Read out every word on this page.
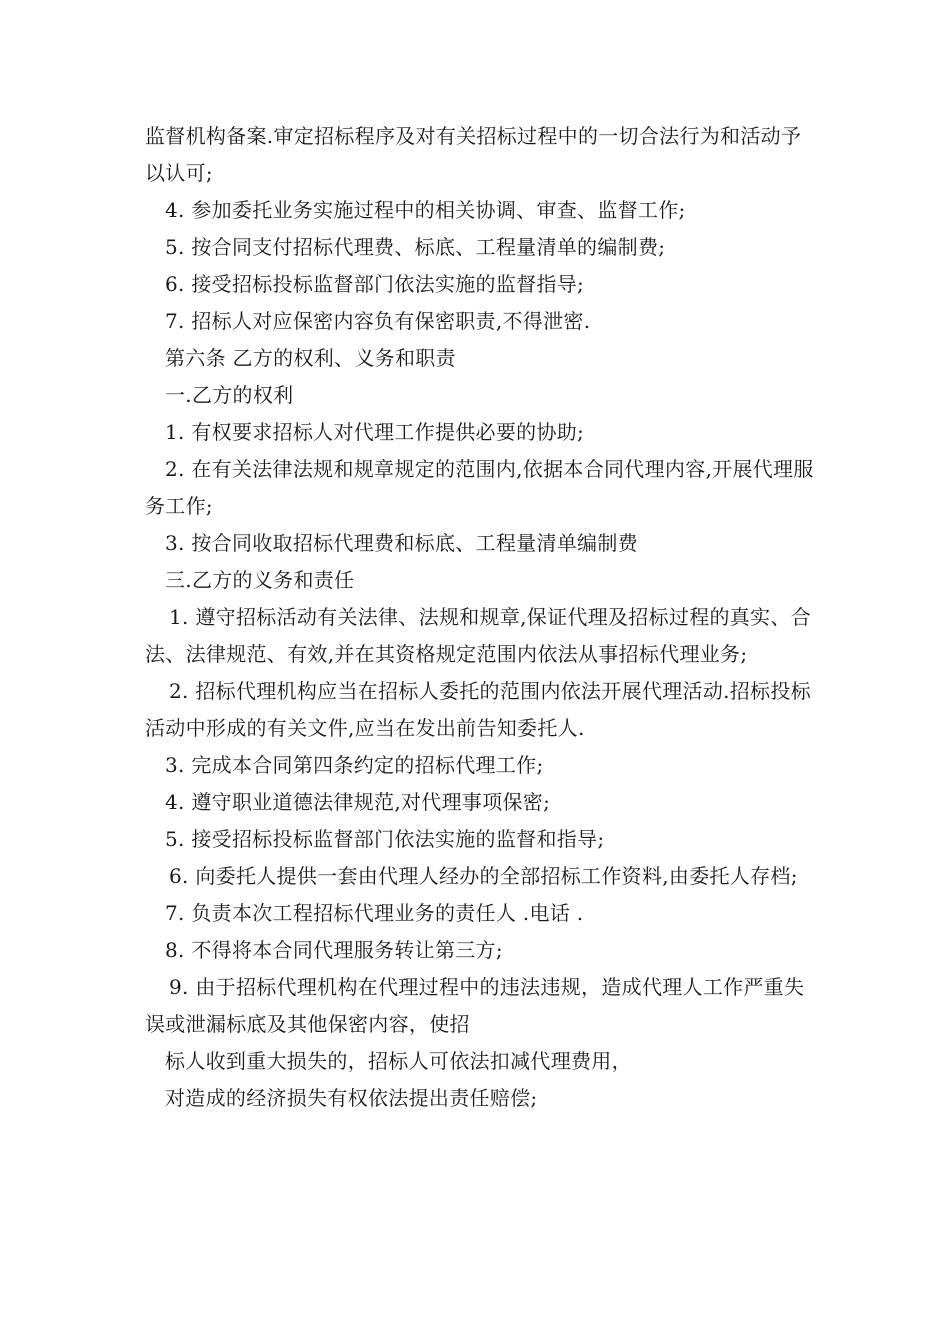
监督机构备案.审定招标程序及对有关招标过程中的一切合法行为和活动予以认可;

4. 参加委托业务实施过程中的相关协调、审查、监督工作;

5. 按合同支付招标代理费、标底、工程量清单的编制费;

6. 接受招标投标监督部门依法实施的监督指导;

7. 招标人对应保密内容负有保密职责,不得泄密.

第六条 乙方的权利、义务和职责

一.乙方的权利

1. 有权要求招标人对代理工作提供必要的协助;

2. 在有关法律法规和规章规定的范围内,依据本合同代理内容,开展代理服务工作;

3. 按合同收取招标代理费和标底、工程量清单编制费

三.乙方的义务和责任

1. 遵守招标活动有关法律、法规和规章,保证代理及招标过程的真实、合法、法律规范、有效,并在其资格规定范围内依法从事招标代理业务;

2. 招标代理机构应当在招标人委托的范围内依法开展代理活动.招标投标活动中形成的有关文件,应当在发出前告知委托人.

3. 完成本合同第四条约定的招标代理工作;

4. 遵守职业道德法律规范,对代理事项保密;

5. 接受招标投标监督部门依法实施的监督和指导;

6. 向委托人提供一套由代理人经办的全部招标工作资料,由委托人存档;

7. 负责本次工程招标代理业务的责任人 .电话 .

8. 不得将本合同代理服务转让第三方;

9. 由于招标代理机构在代理过程中的违法违规，造成代理人工作严重失误或泄漏标底及其他保密内容，使招

标人收到重大损失的，招标人可依法扣减代理费用，

对造成的经济损失有权依法提出责任赔偿;
